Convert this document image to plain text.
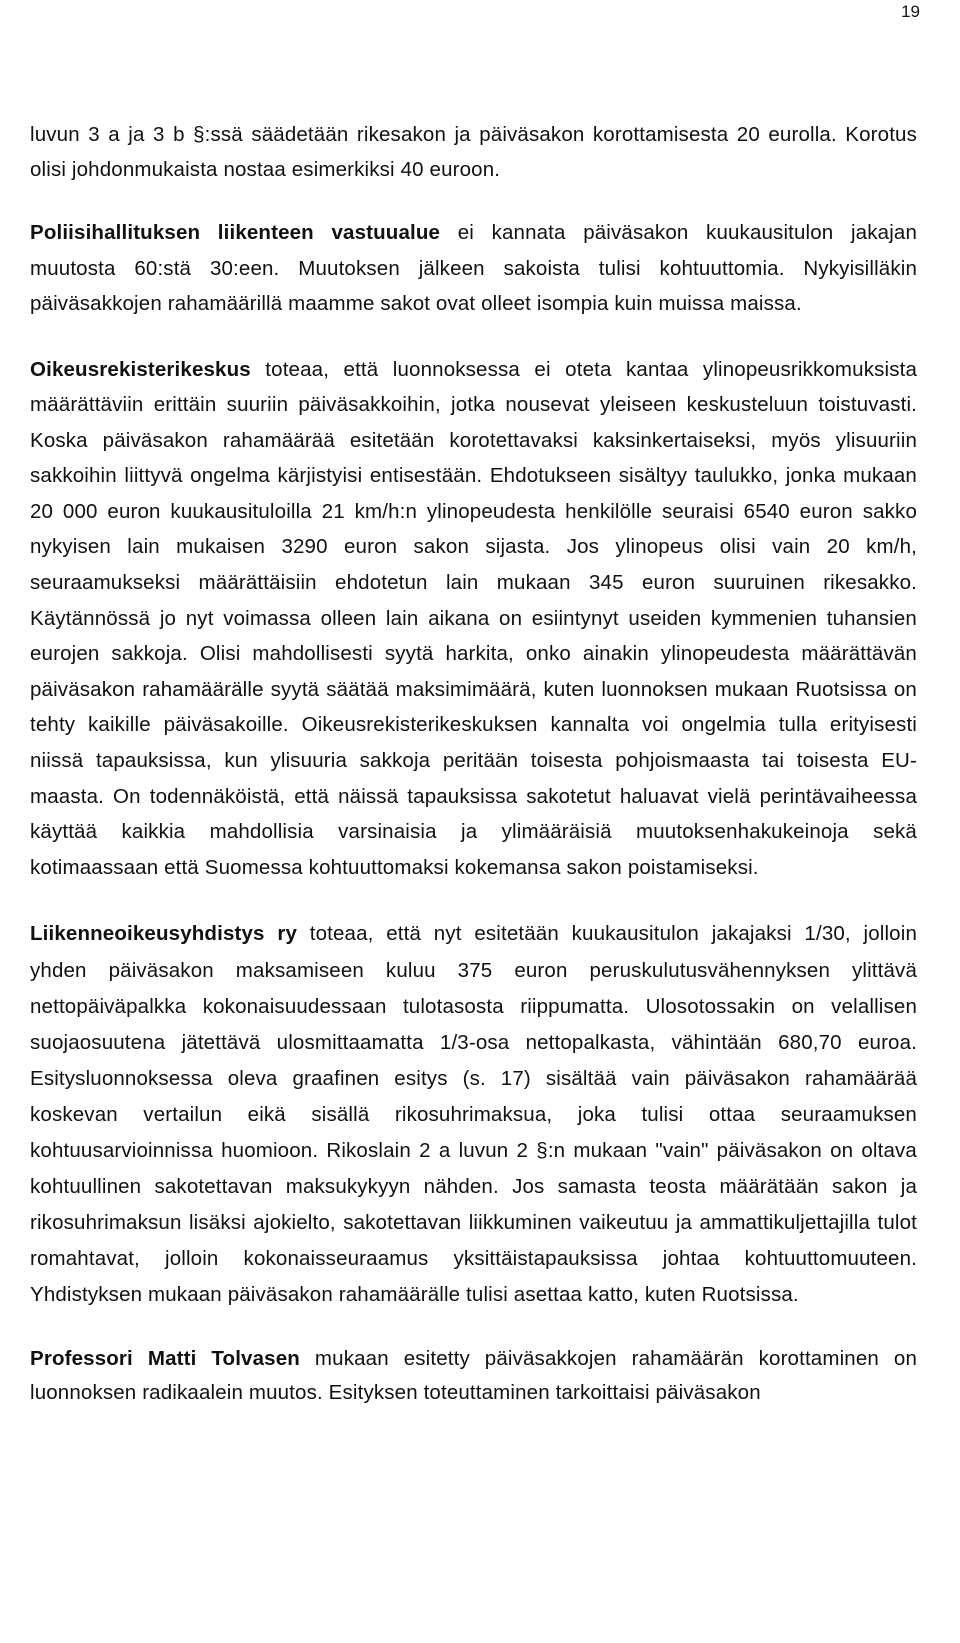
19

luvun 3 a ja 3 b §:ssä säädetään rikesakon ja päiväsakon korottamisesta 20 eurolla. Korotus olisi johdonmukaista nostaa esimerkiksi 40 euroon.

Poliisihallituksen liikenteen vastuualue ei kannata päiväsakon kuukausitulon jakajan muutosta 60:stä 30:een. Muutoksen jälkeen sakoista tulisi kohtuuttomia. Nykyisilläkin päiväsakkojen rahamäärillä maamme sakot ovat olleet isompia kuin muissa maissa.

Oikeusrekisterikeskus toteaa, että luonnoksessa ei oteta kantaa ylinopeusrikkomuksista määrättäviin erittäin suuriin päiväsakkoihin, jotka nousevat yleiseen keskusteluun toistuvasti. Koska päiväsakon rahamäärää esitetään korotettavaksi kaksinkertaiseksi, myös ylisuuriin sakkoihin liittyvä ongelma kärjistyisi entisestään. Ehdotukseen sisältyy taulukko, jonka mukaan 20 000 euron kuukausituloilla 21 km/h:n ylinopeudesta henkilölle seuraisi 6540 euron sakko nykyisen lain mukaisen 3290 euron sakon sijasta. Jos ylinopeus olisi vain 20 km/h, seuraamukseksi määrättäisiin ehdotetun lain mukaan 345 euron suuruinen rikesakko. Käytännössä jo nyt voimassa olleen lain aikana on esiintynyt useiden kymmenien tuhansien eurojen sakkoja. Olisi mahdollisesti syytä harkita, onko ainakin ylinopeudesta määrättävän päiväsakon rahamäärälle syytä säätää maksimimäärä, kuten luonnoksen mukaan Ruotsissa on tehty kaikille päiväsakoille. Oikeusrekisterikeskuksen kannalta voi ongelmia tulla erityisesti niissä tapauksissa, kun ylisuuria sakkoja peritään toisesta pohjoismaasta tai toisesta EU-maasta. On todennäköistä, että näissä tapauksissa sakotetut haluavat vielä perintävaiheessa käyttää kaikkia mahdollisia varsinaisia ja ylimääräisiä muutoksenhakukeinoja sekä kotimaassaan että Suomessa kohtuuttomaksi kokemansa sakon poistamiseksi.

Liikenneoikeusyhdistys ry toteaa, että nyt esitetään kuukausitulon jakajaksi 1/30, jolloin yhden päiväsakon maksamiseen kuluu 375 euron peruskulutusvähennyksen ylittävä nettopäiväpalkka kokonaisuudessaan tulotasosta riippumatta. Ulosotossakin on velallisen suojaosuutena jätettävä ulosmittaamatta 1/3-osa nettopalkasta, vähintään 680,70 euroa. Esitysluonnoksessa oleva graafinen esitys (s. 17) sisältää vain päiväsakon rahamäärää koskevan vertailun eikä sisällä rikosuhrimaksua, joka tulisi ottaa seuraamuksen kohtuusarvioinnissa huomioon. Rikoslain 2 a luvun 2 §:n mukaan "vain" päiväsakon on oltava kohtuullinen sakotettavan maksukykyyn nähden. Jos samasta teosta määrätään sakon ja rikosuhrimaksun lisäksi ajokielto, sakotettavan liikkuminen vaikeutuu ja ammattikuljettajilla tulot romahtavat, jolloin kokonaisseuraamus yksittäistapauksissa johtaa kohtuuttomuuteen. Yhdistyksen mukaan päiväsakon rahamäärälle tulisi asettaa katto, kuten Ruotsissa.

Professori Matti Tolvasen mukaan esitetty päiväsakkojen rahamäärän korottaminen on luonnoksen radikaalein muutos. Esityksen toteuttaminen tarkoittaisi päiväsakon
